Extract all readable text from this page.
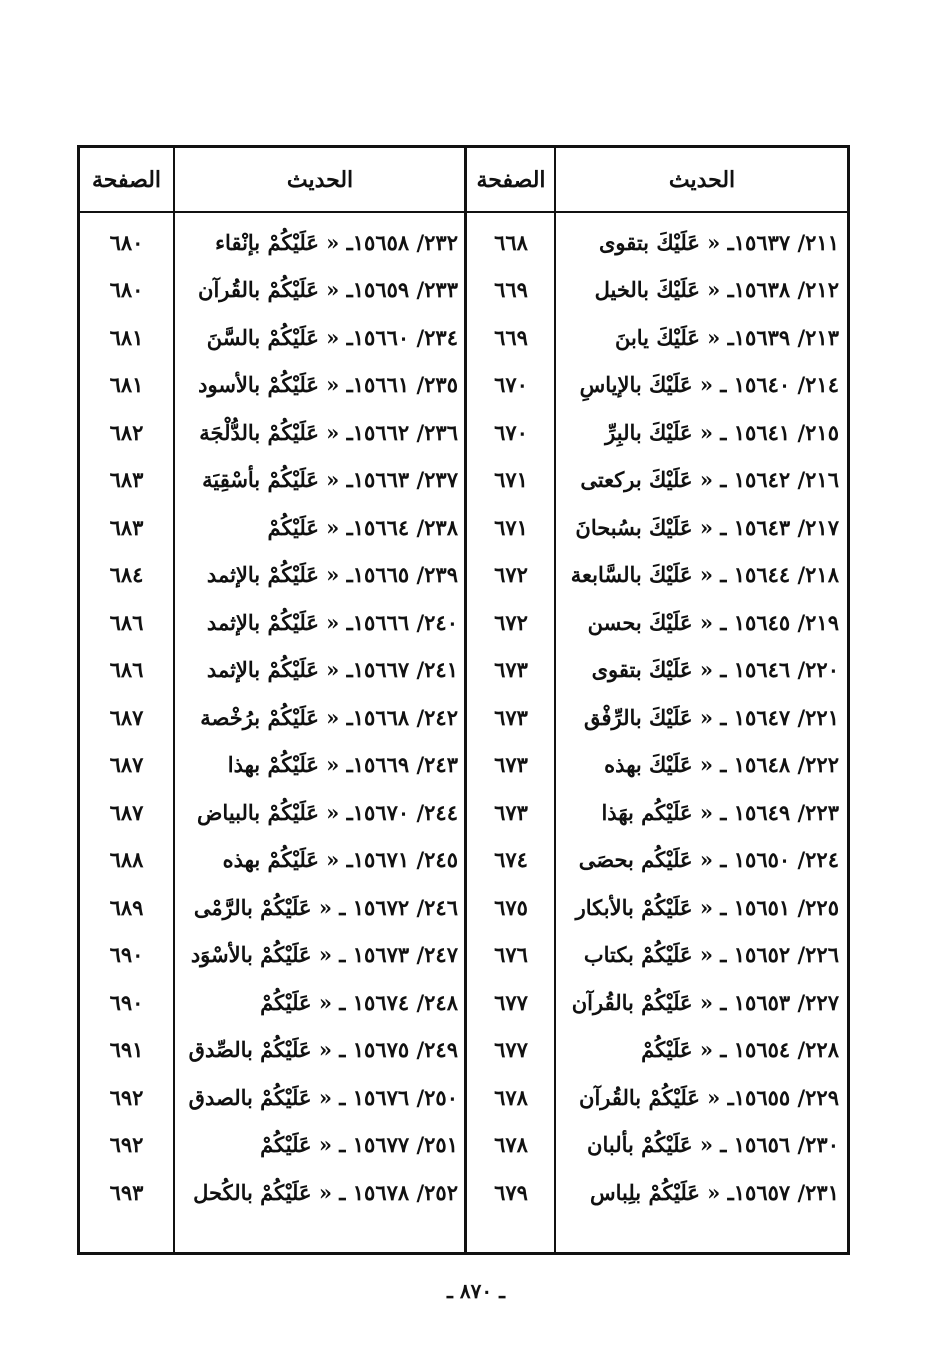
الحديث
الصفحة
الحديث
الصفحة
٢١١/ ١٥٦٣٧ـ « عَلَيْكَ بتقوى
٦٦٨
٢٣٢/ ١٥٦٥٨ـ « عَلَيْكُمْ بإنْقاء
٦٨٠
٢١٢/ ١٥٦٣٨ـ « عَلَيْكَ بالخيل
٦٦٩
٢٣٣/ ١٥٦٥٩ـ « عَلَيْكُمْ بالقُرآن
٦٨٠
٢١٣/ ١٥٦٣٩ـ « عَلَيْكَ يابنَ
٦٦٩
٢٣٤/ ١٥٦٦٠ـ « عَلَيْكُمْ بالسَّنَ
٦٨١
٢١٤/ ١٥٦٤٠ ـ « عَلَيْكَ بالإياسِ
٦٧٠
٢٣٥/ ١٥٦٦١ـ « عَلَيْكُمْ بالأسود
٦٨١
٢١٥/ ١٥٦٤١ ـ « عَلَيْكَ بالبِرِّ
٦٧٠
٢٣٦/ ١٥٦٦٢ـ « عَلَيْكُمْ بالدُّلْجَة
٦٨٢
٢١٦/ ١٥٦٤٢ ـ « عَلَيْكَ بركعتى
٦٧١
٢٣٧/ ١٥٦٦٣ـ « عَلَيْكُمْ بأسْقِيَة
٦٨٣
٢١٧/ ١٥٦٤٣ ـ « عَلَيْكَ بسُبحانَ
٦٧١
٢٣٨/ ١٥٦٦٤ـ « عَلَيْكُمْ
٦٨٣
٢١٨/ ١٥٦٤٤ ـ « عَلَيْكَ بالسَّابعة
٦٧٢
٢٣٩/ ١٥٦٦٥ـ « عَلَيْكُمْ بالإثمد
٦٨٤
٢١٩/ ١٥٦٤٥ ـ « عَلَيْكَ بحسن
٦٧٢
٢٤٠/ ١٥٦٦٦ـ « عَلَيْكُمْ بالإثمد
٦٨٦
٢٢٠/ ١٥٦٤٦ ـ « عَلَيْكَ بتقوى
٦٧٣
٢٤١/ ١٥٦٦٧ـ « عَلَيْكُمْ بالإثمد
٦٨٦
٢٢١/ ١٥٦٤٧ ـ « عَلَيْكَ بالرِّفْق
٦٧٣
٢٤٢/ ١٥٦٦٨ـ « عَلَيْكُمْ برُخْصة
٦٨٧
٢٢٢/ ١٥٦٤٨ ـ « عَلَيْكَ بهذه
٦٧٣
٢٤٣/ ١٥٦٦٩ـ « عَلَيْكُمْ بهذا
٦٨٧
٢٢٣/ ١٥٦٤٩ ـ « عَلَيْكُم بهَذا
٦٧٣
٢٤٤/ ١٥٦٧٠ـ « عَلَيْكُمْ بالبياض
٦٨٧
٢٢٤/ ١٥٦٥٠ ـ « عَلَيْكُم بحصَى
٦٧٤
٢٤٥/ ١٥٦٧١ـ « عَلَيْكُمْ بهذه
٦٨٨
٢٢٥/ ١٥٦٥١ ـ « عَلَيْكُمْ بالأبكار
٦٧٥
٢٤٦/ ١٥٦٧٢ ـ « عَلَيْكُمْ بالرَّمْى
٦٨٩
٢٢٦/ ١٥٦٥٢ ـ « عَلَيْكُمْ بكتاب
٦٧٦
٢٤٧/ ١٥٦٧٣ ـ « عَلَيْكُمْ بالأسْوَد
٦٩٠
٢٢٧/ ١٥٦٥٣ ـ « عَلَيْكُمْ بالقُرآن
٦٧٧
٢٤٨/ ١٥٦٧٤ ـ « عَلَيْكُمْ
٦٩٠
٢٢٨/ ١٥٦٥٤ ـ « عَلَيْكُمْ
٦٧٧
٢٤٩/ ١٥٦٧٥ ـ « عَلَيْكُمْ بالصِّدق
٦٩١
٢٢٩/ ١٥٦٥٥ـ « عَلَيْكُمْ بالقُرآن
٦٧٨
٢٥٠/ ١٥٦٧٦ ـ « عَلَيْكُمْ بالصدق
٦٩٢
٢٣٠/ ١٥٦٥٦ ـ « عَلَيْكُمْ بألبان
٦٧٨
٢٥١/ ١٥٦٧٧ ـ « عَلَيْكُمْ
٦٩٢
٢٣١/ ١٥٦٥٧ـ « عَلَيْكُمْ بلِباس
٦٧٩
٢٥٢/ ١٥٦٧٨ ـ « عَلَيْكُمْ بالكُحل
٦٩٣
ـ ٨٧٠ ـ
